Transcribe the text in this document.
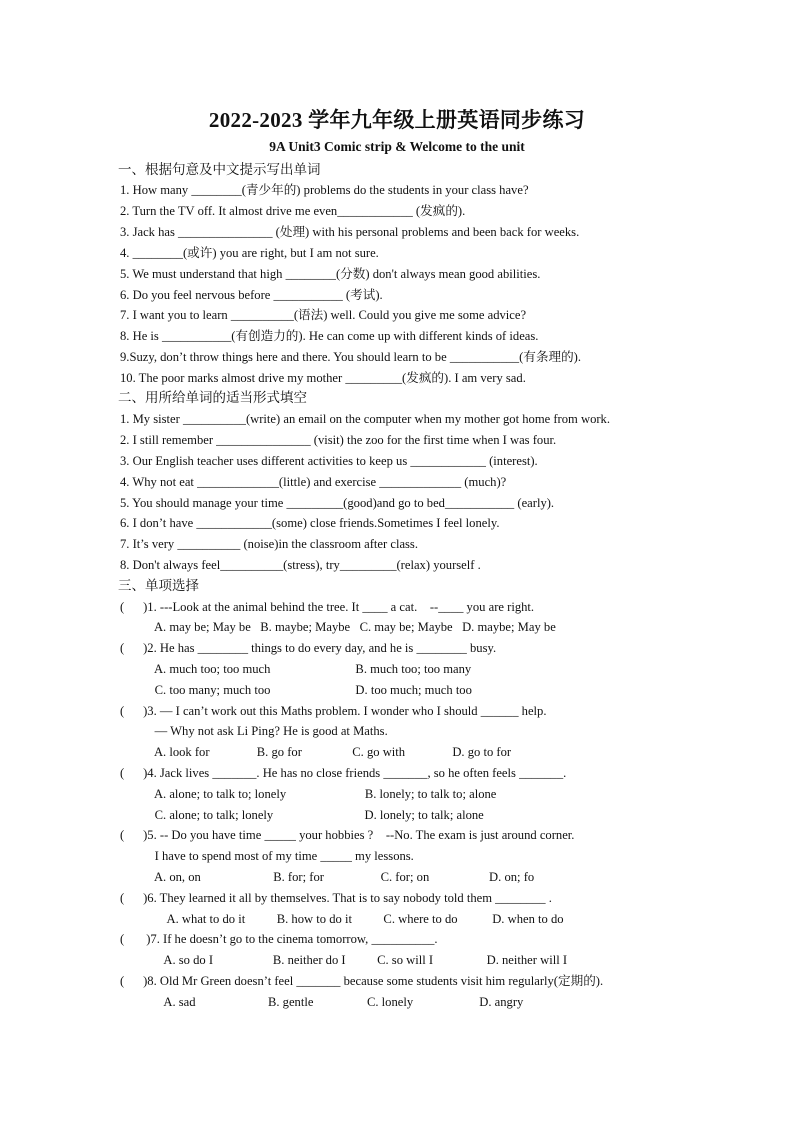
2022-2023 学年九年级上册英语同步练习
9A Unit3 Comic strip & Welcome to the unit
一、根据句意及中文提示写出单词
1. How many ________(青少年的) problems do the students in your class have?
2. Turn the TV off. It almost drive me even____________ (发疯的).
3. Jack has _______________ (处理) with his personal problems and been back for weeks.
4. ________(或许) you are right, but I am not sure.
5. We must understand that high ________(分数) don't always mean good abilities.
6. Do you feel nervous before ___________ (考试).
7. I want you to learn __________(语法) well. Could you give me some advice?
8. He is ___________(有创造力的). He can come up with different kinds of ideas.
9.Suzy, don’t throw things here and there. You should learn to be ___________(有条理的).
10. The poor marks almost drive my mother _________(发疯的). I am very sad.
二、用所给单词的适当形式填空
1. My sister __________(write) an email on the computer when my mother got home from work.
2. I still remember _______________ (visit) the zoo for the first time when I was four.
3. Our English teacher uses different activities to keep us ____________ (interest).
4. Why not eat _____________(little) and exercise _____________ (much)?
5. You should manage your time _________(good)and go to bed___________ (early).
6. I don’t have ____________(some) close friends.Sometimes I feel lonely.
7. It’s very __________ (noise)in the classroom after class.
8. Don't always feel__________(stress), try_________(relax) yourself .
三、单项选择
(      )1. ---Look at the animal behind the tree. It ____ a cat.    --____ you are right.
A. may be; May be   B. maybe; Maybe   C. may be; Maybe   D. maybe; May be
(      )2. He has ________ things to do every day, and he is ________ busy.
A. much too; too much                           B. much too; too many
C. too many; much too                           D. too much; much too
(      )3. — I can’t work out this Maths problem. I wonder who I should ______ help.
— Why not ask Li Ping? He is good at Maths.
A. look for               B. go for                C. go with               D. go to for
(      )4. Jack lives _______. He has no close friends _______, so he often feels _______.
A. alone; to talk to; lonely                         B. lonely; to talk to; alone
C. alone; to talk; lonely                             D. lonely; to talk; alone
(      )5. -- Do you have time _____ your hobbies ?    --No. The exam is just around corner.
I have to spend most of my time _____ my lessons.
A. on, on                       B. for; for                  C. for; on                   D. on; fo
(      )6. They learned it all by themselves. That is to say nobody told them ________ .
A. what to do it          B. how to do it          C. where to do           D. when to do
(       )7. If he doesn’t go to the cinema tomorrow, __________.
A. so do I                   B. neither do I          C. so will I                 D. neither will I
(      )8. Old Mr Green doesn’t feel _______ because some students visit him regularly(定期的).
A. sad                       B. gentle                 C. lonely                     D. angry
